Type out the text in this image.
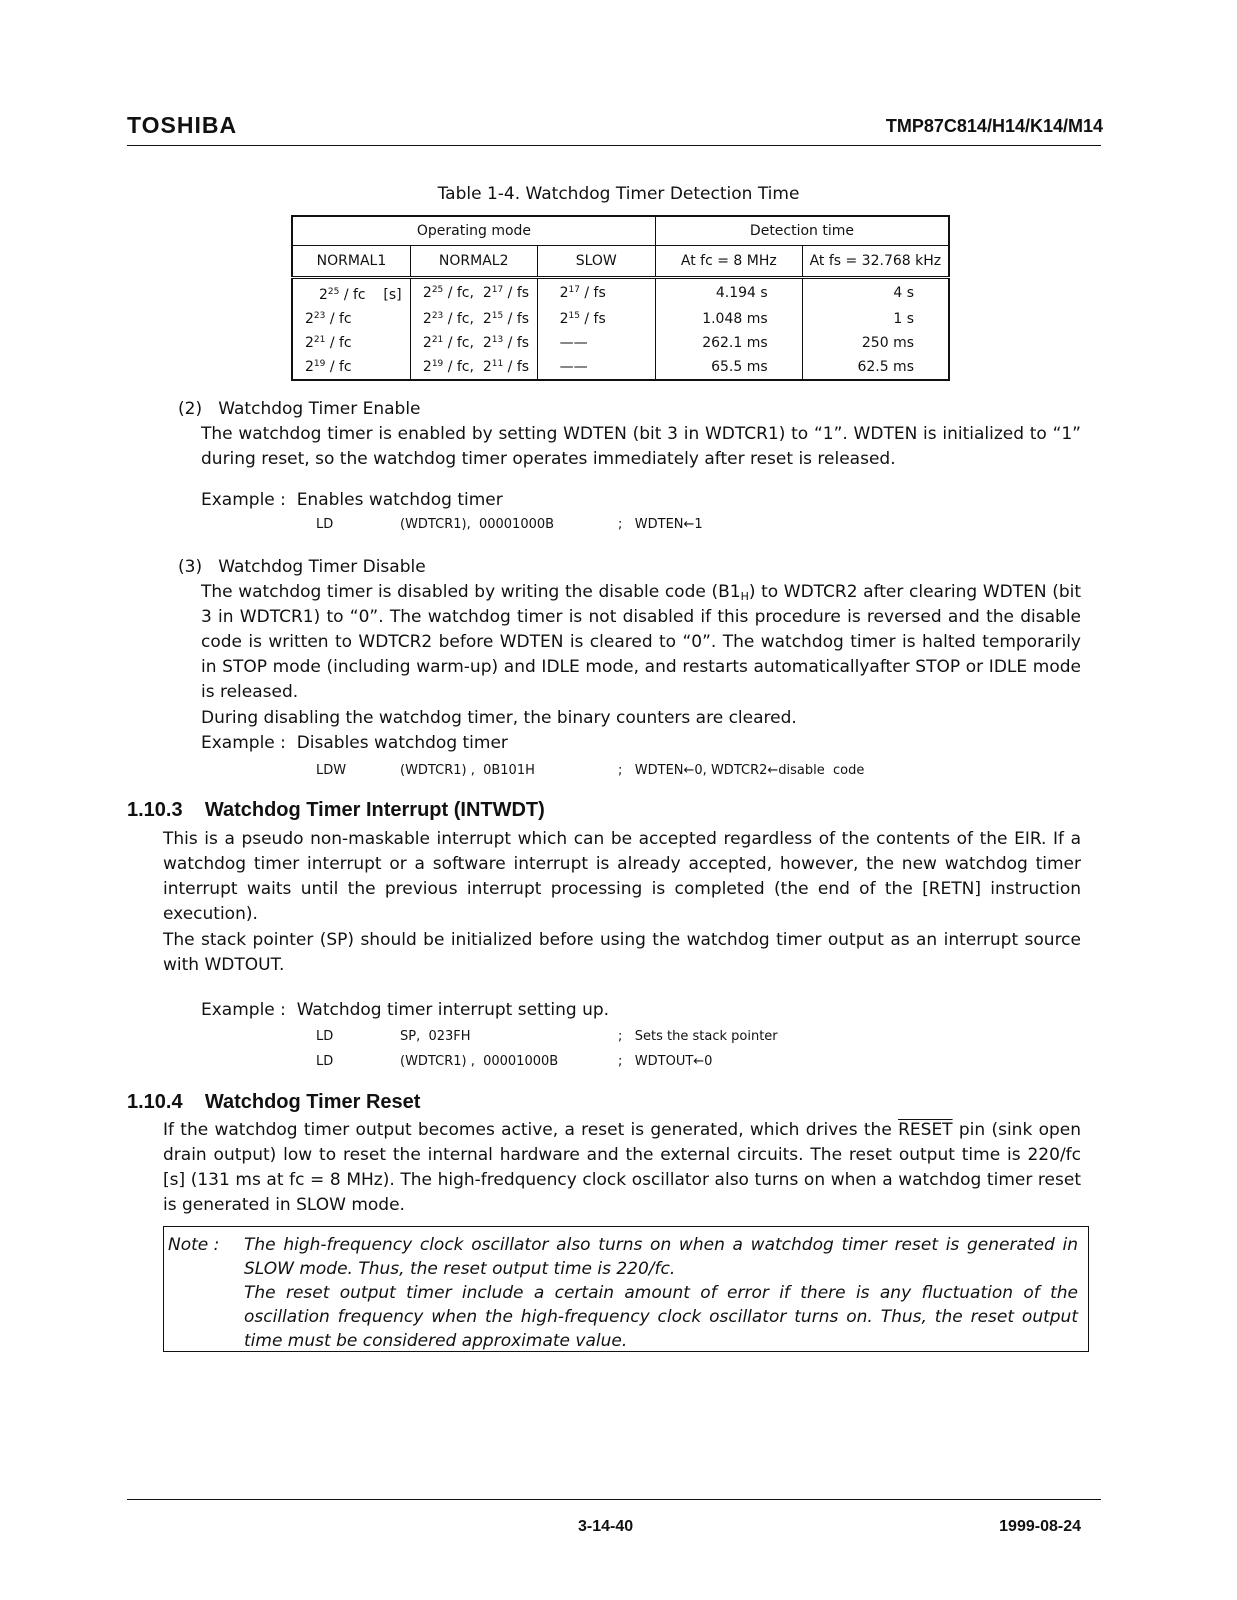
TOSHIBA	TMP87C814/H14/K14/M14
Table 1-4. Watchdog Timer Detection Time
Operating mode			Detection time	
NORMAL1	NORMAL2	SLOW	At fc = 8 MHz	At fs = 32.768 kHz
$2^{25}$ / fc    [s]	$2^{25}$ / fc,  $2^{17}$ / fs	$2^{17}$ / fs	4.194 s	4 s
$2^{23}$ / fc	$2^{23}$ / fc,  $2^{15}$ / fs	$2^{15}$ / fs	1.048 ms	1 s
$2^{21}$ / fc	$2^{21}$ / fc,  $2^{13}$ / fs	——	262.1 ms	250 ms
$2^{19}$ / fc	$2^{19}$ / fc,  $2^{11}$ / fs	——	65.5 ms	62.5 ms
(2)   Watchdog Timer Enable
The watchdog timer is enabled by setting WDTEN (bit 3 in WDTCR1) to “1”. WDTEN is initialized to “1” during reset, so the watchdog timer operates immediately after reset is released.
Example :  Enables watchdog timer
LD	(WDTCR1),  00001000B	;   WDTEN←1
(3)   Watchdog Timer Disable
The watchdog timer is disabled by writing the disable code $(B1_H)$ to WDTCR2 after clearing WDTEN (bit 3 in WDTCR1) to “0”. The watchdog timer is not disabled if this procedure is reversed and the disable code is written to WDTCR2 before WDTEN is cleared to “0”. The watchdog timer is halted temporarily in STOP mode (including warm-up) and IDLE mode, and restarts automaticallyafter STOP or IDLE mode is released.
During disabling the watchdog timer, the binary counters are cleared.
Example :  Disables watchdog timer
LDW	(WDTCR1) ,  0B101H	;   WDTEN←0, WDTCR2←disable  code
1.10.3    Watchdog Timer Interrupt (INTWDT)
This is a pseudo non-maskable interrupt which can be accepted regardless of the contents of the EIR. If a watchdog timer interrupt or a software interrupt is already accepted, however, the new watchdog timer interrupt waits until the previous interrupt processing is completed (the end of the [RETN] instruction execution).
The stack pointer (SP) should be initialized before using the watchdog timer output as an interrupt source with WDTOUT.
Example :  Watchdog timer interrupt setting up.
LD	SP,  023FH	;   Sets the stack pointer
LD	(WDTCR1) ,  00001000B	;   WDTOUT←0
1.10.4    Watchdog Timer Reset
If the watchdog timer output becomes active, a reset is generated, which drives the RESET pin (sink open drain output) low to reset the internal hardware and the external circuits. The reset output time is 220/fc [s] (131 ms at fc = 8 MHz). The high-fredquency clock oscillator also turns on when a watchdog timer reset is generated in SLOW mode.
Note : The high-frequency clock oscillator also turns on when a watchdog timer reset is generated in SLOW mode. Thus, the reset output time is 220/fc.
The reset output timer include a certain amount of error if there is any fluctuation of the oscillation frequency when the high-frequency clock oscillator turns on. Thus, the reset output time must be considered approximate value.
3-14-40	1999-08-24
